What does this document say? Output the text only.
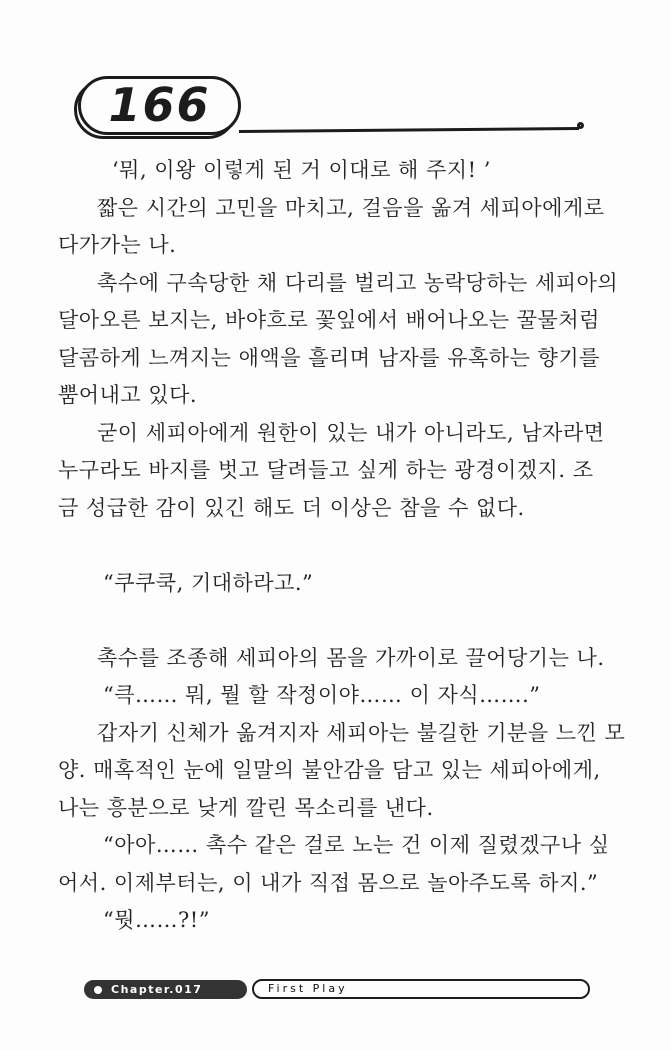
166
‘뭐, 이왕 이렇게 된 거 이대로 해 주지! ’
짧은 시간의 고민을 마치고, 걸음을 옮겨 세피아에게로
다가가는 나.
촉수에 구속당한 채 다리를 벌리고 농락당하는 세피아의
달아오른 보지는, 바야흐로 꽃잎에서 배어나오는 꿀물처럼
달콤하게 느껴지는 애액을 흘리며 남자를 유혹하는 향기를
뿜어내고 있다.
굳이 세피아에게 원한이 있는 내가 아니라도, 남자라면
누구라도 바지를 벗고 달려들고 싶게 하는 광경이겠지. 조
금 성급한 감이 있긴 해도 더 이상은 참을 수 없다.
“쿠쿠쿡, 기대하라고.”
촉수를 조종해 세피아의 몸을 가까이로 끌어당기는 나.
“큭…… 뭐, 뭘 할 작정이야…… 이 자식…….”
갑자기 신체가 옮겨지자 세피아는 불길한 기분을 느낀 모
양. 매혹적인 눈에 일말의 불안감을 담고 있는 세피아에게,
나는 흥분으로 낮게 깔린 목소리를 낸다.
“아아…… 촉수 같은 걸로 노는 건 이제 질렸겠구나 싶
어서. 이제부터는, 이 내가 직접 몸으로 놀아주도록 하지.”
“뭣……?!”
Chapter.017	First Play
